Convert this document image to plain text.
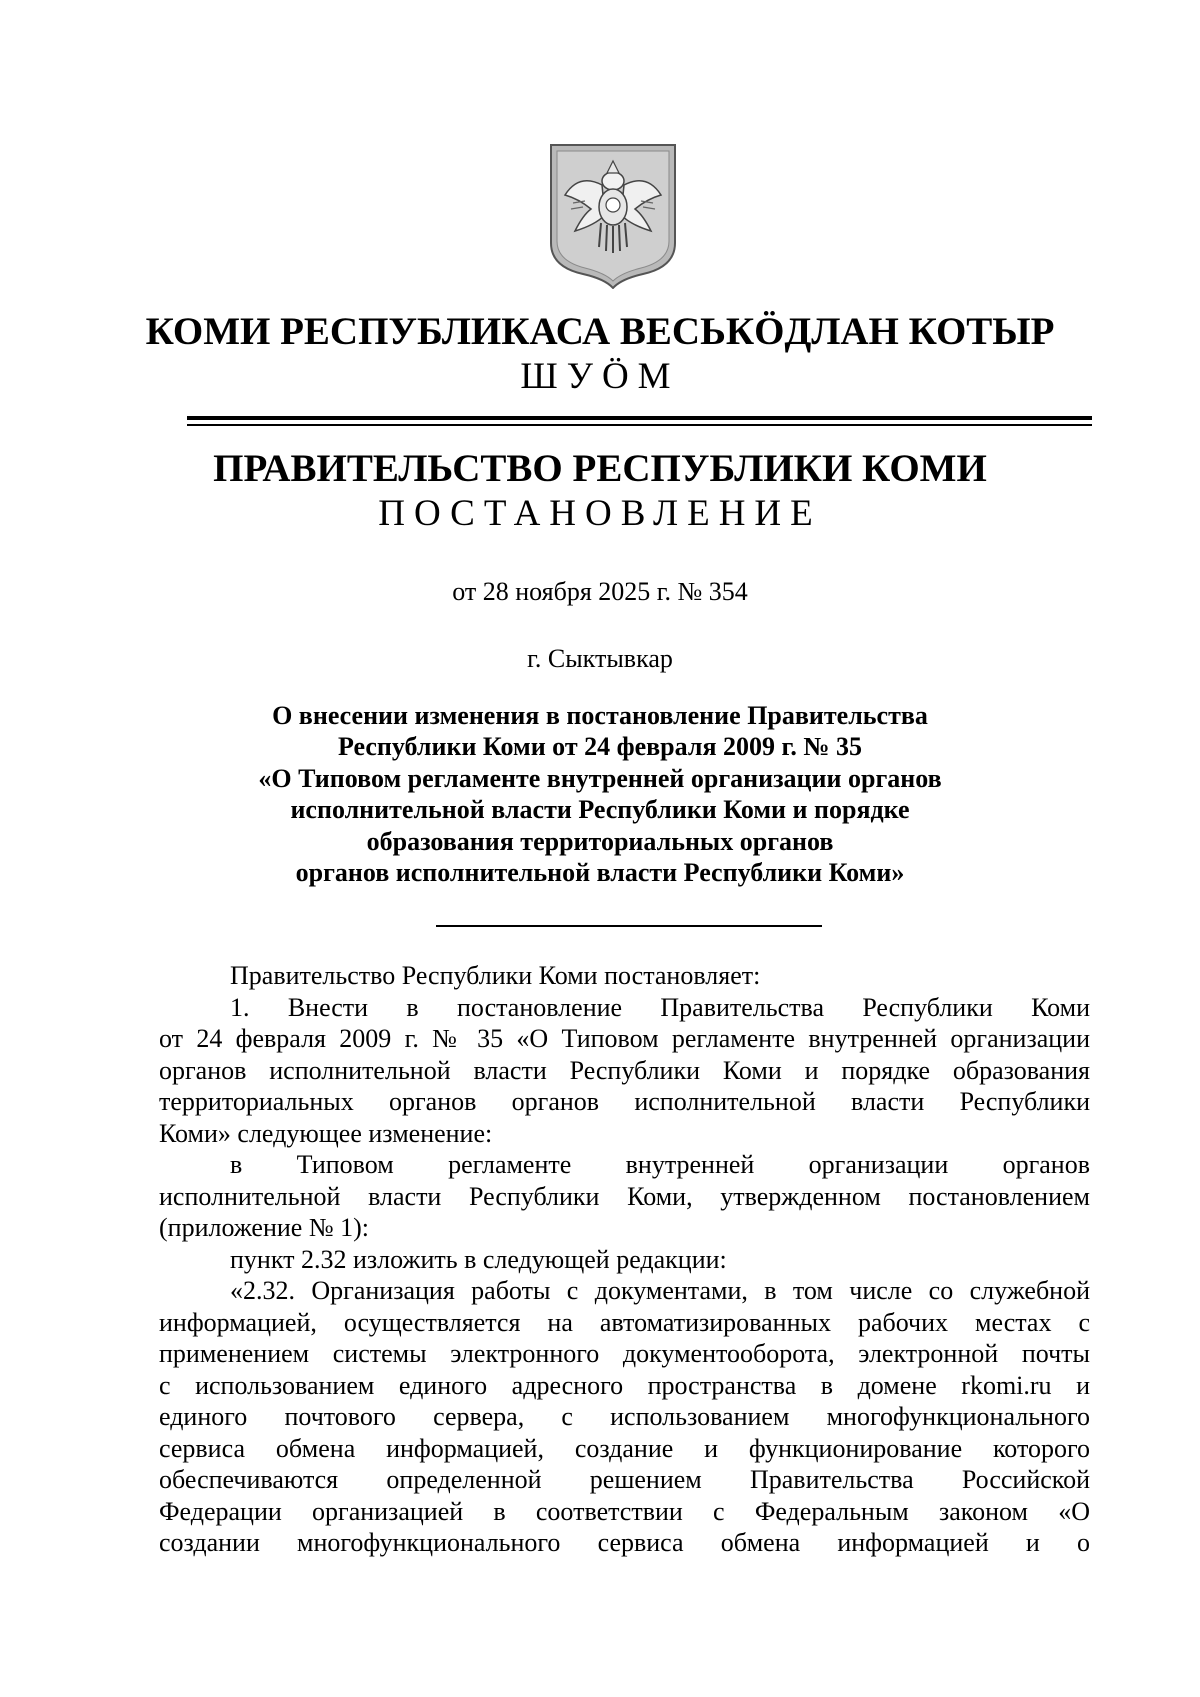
КОМИ РЕСПУБЛИКАСА ВЕСЬКӦДЛАН КОТЫР
ШУӦМ
ПРАВИТЕЛЬСТВО РЕСПУБЛИКИ КОМИ
ПОСТАНОВЛЕНИЕ
от 28 ноября 2025 г. № 354
г. Сыктывкар
О внесении изменения в постановление Правительства
Республики Коми от 24 февраля 2009 г. № 35
«О Типовом регламенте внутренней организации органов
исполнительной власти Республики Коми и порядке
образования территориальных органов
органов исполнительной власти Республики Коми»
Правительство Республики Коми постановляет:
1. Внести в постановление Правительства Республики Коми
от 24 февраля 2009 г. № 35 «О Типовом регламенте внутренней организации
органов исполнительной власти Республики Коми и порядке образования
территориальных органов органов исполнительной власти Республики
Коми» следующее изменение:
в Типовом регламенте внутренней организации органов
исполнительной власти Республики Коми, утвержденном постановлением
(приложение № 1):
пункт 2.32 изложить в следующей редакции:
«2.32. Организация работы с документами, в том числе со служебной
информацией, осуществляется на автоматизированных рабочих местах с
применением системы электронного документооборота, электронной почты
с использованием единого адресного пространства в домене rkomi.ru и
единого почтового сервера, с использованием многофункционального
сервиса обмена информацией, создание и функционирование которого
обеспечиваются определенной решением Правительства Российской
Федерации организацией в соответствии с Федеральным законом «О
создании многофункционального сервиса обмена информацией и о
